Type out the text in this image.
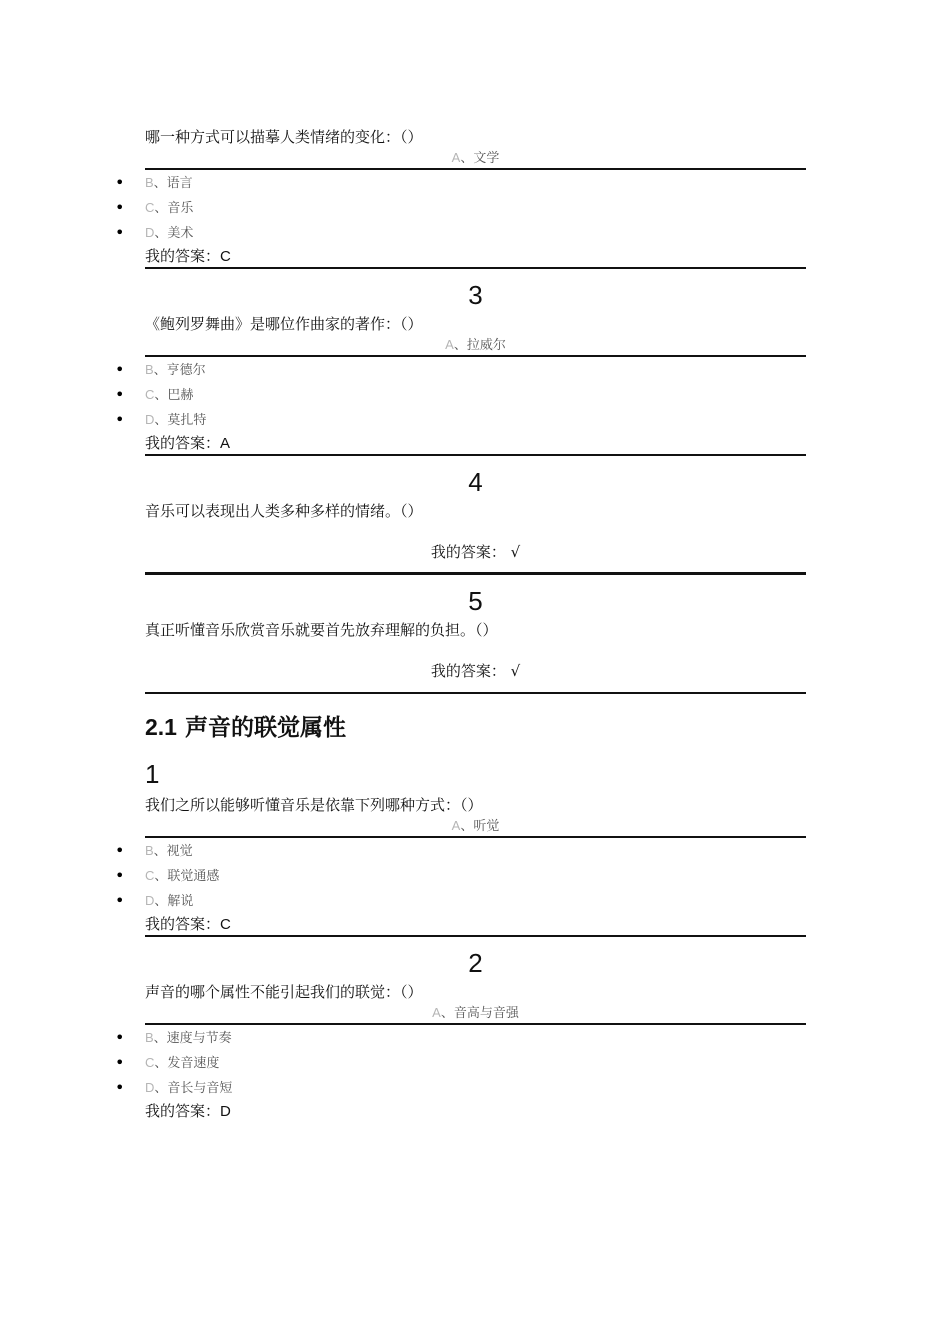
哪一种方式可以描摹人类情绪的变化：（）

A、文学
• B、语言
• C、音乐
• D、美术
我的答案：C

3

《鲍列罗舞曲》是哪位作曲家的著作：（）

A、拉威尔
• B、亨德尔
• C、巴赫
• D、莫扎特
我的答案：A

4

音乐可以表现出人类多种多样的情绪。（）

我的答案： √

5

真正听懂音乐欣赏音乐就要首先放弃理解的负担。（）

我的答案： √
2.1 声音的联觉属性

1

我们之所以能够听懂音乐是依靠下列哪种方式：（）

A、听觉
• B、视觉
• C、联觉通感
• D、解说
我的答案：C

2

声音的哪个属性不能引起我们的联觉：（）

A、音高与音强
• B、速度与节奏
• C、发音速度
• D、音长与音短
我的答案：D
